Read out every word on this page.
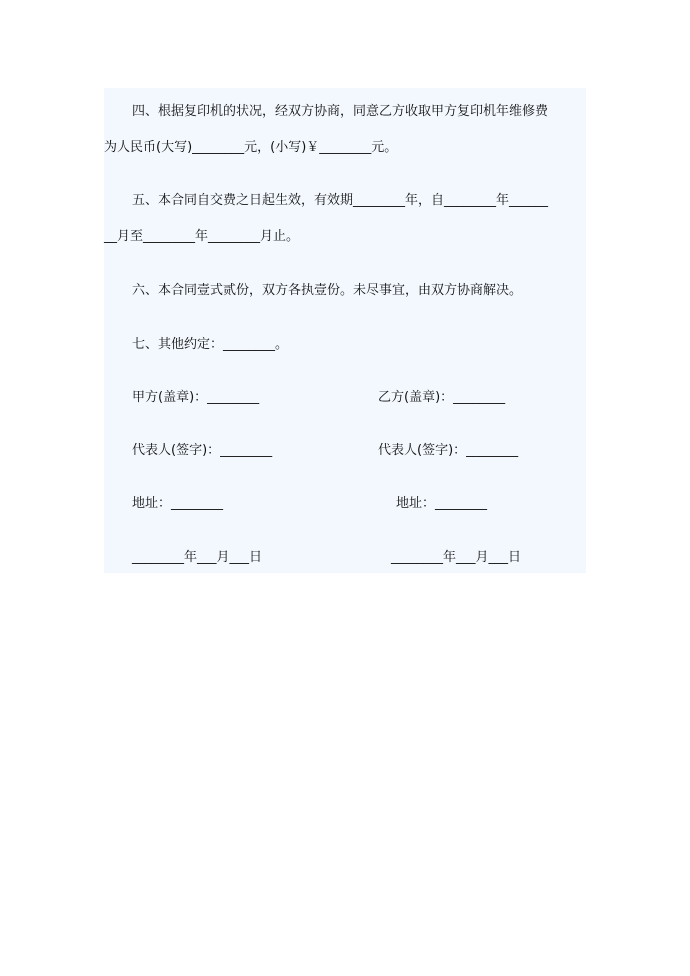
四、根据复印机的状况，经双方协商，同意乙方收取甲方复印机年维修费
为人民币(大写)________元，(小写)￥________元。
五、本合同自交费之日起生效，有效期________年，自________年______
__月至________年________月止。
六、本合同壹式贰份，双方各执壹份。未尽事宜，由双方协商解决。
七、其他约定：________。
甲方(盖章)：________	乙方(盖章)：________
代表人(签字)：________	代表人(签字)：________
地址：________	地址：________
________年___月___日	________年___月___日
